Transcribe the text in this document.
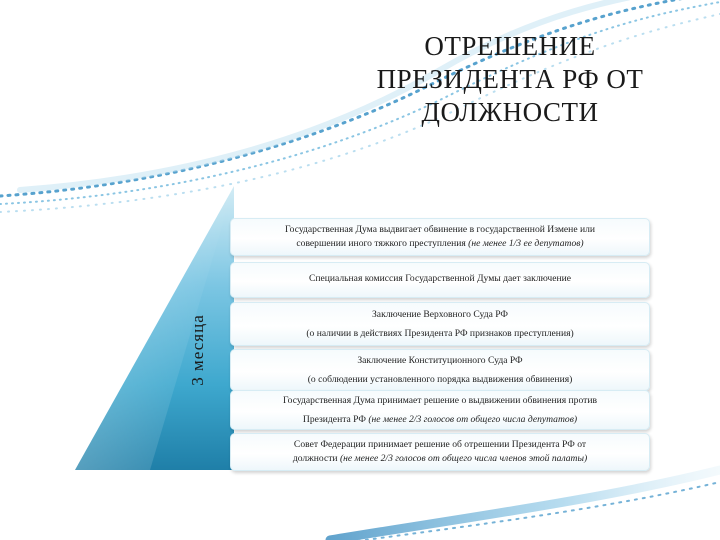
ОТРЕШЕНИЕ
ПРЕЗИДЕНТА РФ ОТ
ДОЛЖНОСТИ
3 месяца
Государственная Дума выдвигает обвинение в государственной Измене или
совершении иного тяжкого преступления (не менее 1/3 ее депутатов)
Специальная комиссия Государственной Думы дает заключение
Заключение Верховного Суда РФ
(о наличии в действиях Президента РФ признаков преступления)
Заключение Конституционного Суда РФ
(о соблюдении установленного порядка выдвижения обвинения)
Государственная Дума принимает решение о выдвижении обвинения против
Президента РФ (не менее 2/3 голосов от общего числа депутатов)
Совет Федерации принимает решение об отрешении Президента РФ от
должности (не менее 2/3 голосов от общего числа членов этой палаты)
